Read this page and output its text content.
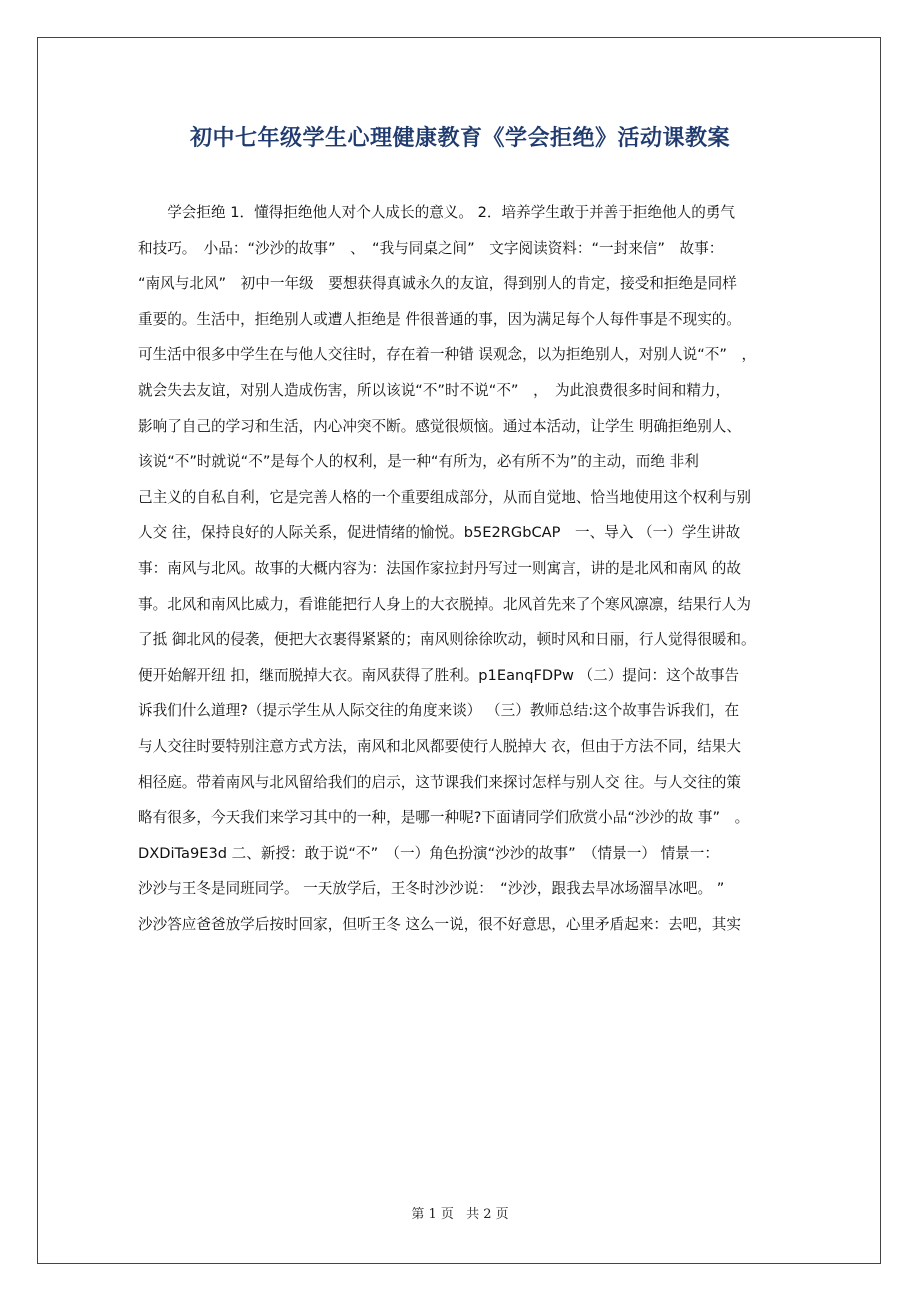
初中七年级学生心理健康教育《学会拒绝》活动课教案
　　学会拒绝 1．懂得拒绝他人对个人成长的意义。 2．培养学生敢于并善于拒绝他人的勇气
和技巧。　小品：“沙沙的故事”　、　“我与同桌之间”　文字阅读资料：“一封来信”　故事：
“南风与北风”　初中一年级　要想获得真诚永久的友谊，得到别人的肯定，接受和拒绝是同样
重要的。生活中，拒绝别人或遭人拒绝是 件很普通的事，因为满足每个人每件事是不现实的。
可生活中很多中学生在与他人交往时，存在着一种错 误观念，以为拒绝别人，对别人说“不”　，
就会失去友谊，对别人造成伤害，所以该说“不”时不说“不”　，　为此浪费很多时间和精力，
影响了自己的学习和生活，内心冲突不断。感觉很烦恼。通过本活动，让学生 明确拒绝别人、
该说“不”时就说“不”是每个人的权利，是一种“有所为，必有所不为”的主动，而绝 非利
己主义的自私自利，它是完善人格的一个重要组成部分，从而自觉地、恰当地使用这个权利与别
人交 往，保持良好的人际关系，促进情绪的愉悦。b5E2RGbCAP　一、导入 （一）学生讲故
事：南风与北风。故事的大概内容为：法国作家拉封丹写过一则寓言，讲的是北风和南风 的故
事。北风和南风比威力，看谁能把行人身上的大衣脱掉。北风首先来了个寒风凛凛，结果行人为
了抵 御北风的侵袭，便把大衣裹得紧紧的；南风则徐徐吹动，顿时风和日丽，行人觉得很暖和。
便开始解开纽 扣，继而脱掉大衣。南风获得了胜利。p1EanqFDPw （二）提问：这个故事告
诉我们什么道理?（提示学生从人际交往的角度来谈） （三）教师总结:这个故事告诉我们，在
与人交往时要特别注意方式方法，南风和北风都要使行人脱掉大 衣，但由于方法不同，结果大
相径庭。带着南风与北风留给我们的启示，这节课我们来探讨怎样与别人交 往。与人交往的策
略有很多，今天我们来学习其中的一种，是哪一种呢?下面请同学们欣赏小品“沙沙的故 事”　。
DXDiTa9E3d 二、新授：敢于说“不”　（一）角色扮演“沙沙的故事”　（情景一） 情景一：
沙沙与王冬是同班同学。 一天放学后，王冬时沙沙说：　“沙沙，跟我去旱冰场溜旱冰吧。 ”
沙沙答应爸爸放学后按时回家，但听王冬 这么一说，很不好意思，心里矛盾起来：去吧，其实
第 1 页 共 2 页
